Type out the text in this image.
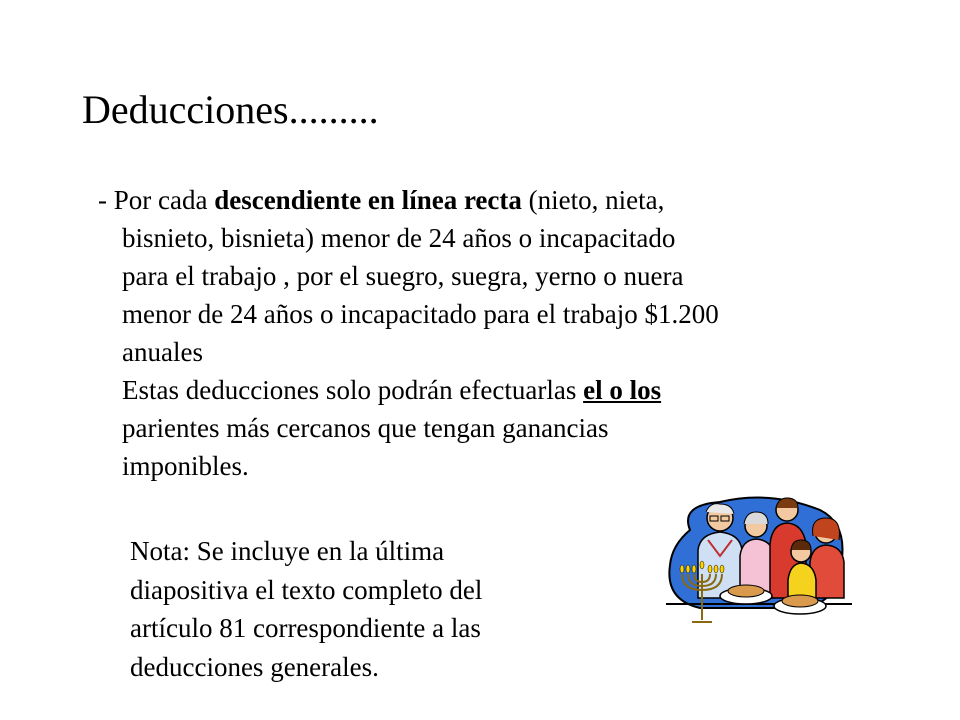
Deducciones.........
- Por cada descendiente en línea recta (nieto, nieta,
bisnieto, bisnieta) menor de 24 años o incapacitado
para el trabajo , por el suegro, suegra, yerno o nuera
menor de 24 años o incapacitado para el trabajo $1.200
anuales
Estas deducciones solo podrán efectuarlas el o los
parientes más cercanos que tengan ganancias
imponibles.
Nota: Se incluye en la última
diapositiva el texto completo del
artículo 81 correspondiente a las
deducciones generales.
